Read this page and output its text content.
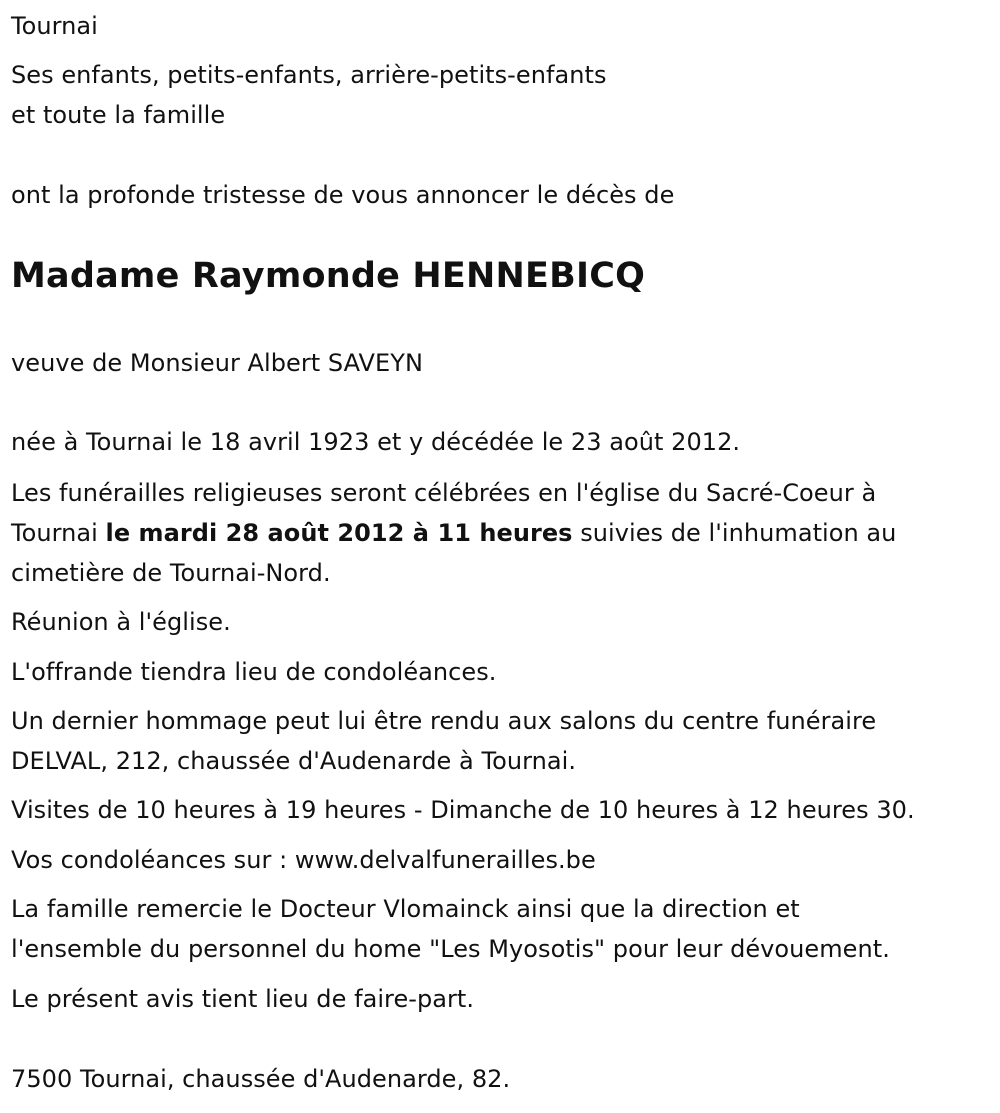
Tournai
Ses enfants, petits-enfants, arrière-petits-enfants
et toute la famille
ont la profonde tristesse de vous annoncer le décès de
Madame Raymonde HENNEBICQ
veuve de Monsieur Albert SAVEYN
née à Tournai le 18 avril 1923 et y décédée le 23 août 2012.
Les funérailles religieuses seront célébrées en l'église du Sacré-Coeur à
Tournai le mardi 28 août 2012 à 11 heures suivies de l'inhumation au
cimetière de Tournai-Nord.
Réunion à l'église.
L'offrande tiendra lieu de condoléances.
Un dernier hommage peut lui être rendu aux salons du centre funéraire
DELVAL, 212, chaussée d'Audenarde à Tournai.
Visites de 10 heures à 19 heures - Dimanche de 10 heures à 12 heures 30.
Vos condoléances sur : www.delvalfunerailles.be
La famille remercie le Docteur Vlomainck ainsi que la direction et
l'ensemble du personnel du home "Les Myosotis" pour leur dévouement.
Le présent avis tient lieu de faire-part.
7500 Tournai, chaussée d'Audenarde, 82.
